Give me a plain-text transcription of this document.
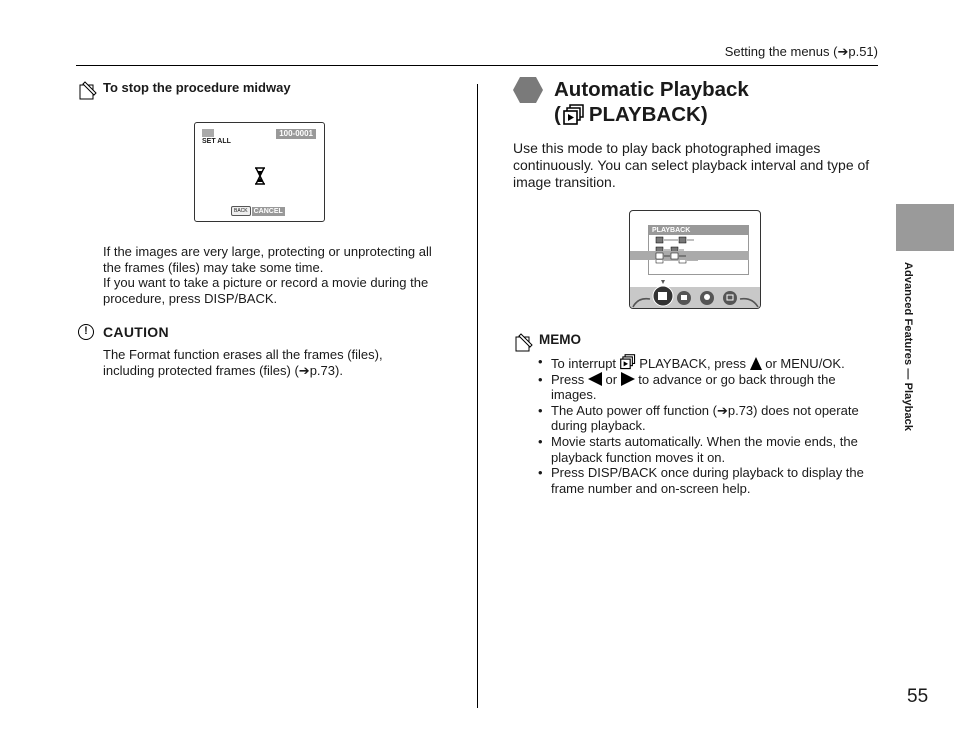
Setting the menus (➔p.51)
To stop the procedure midway
100-0001
SET ALL
BACK CANCEL
If the images are very large, protecting or unprotecting all
the frames (files) may take some time.
If you want to take a picture or record a movie during the
procedure, press DISP/BACK.
!	CAUTION
The Format function erases all the frames (files),
including protected frames (files) (➔p.73).
Automatic Playback
( PLAYBACK)
Use this mode to play back photographed images
continuously. You can select playback interval and type of
image transition.
PLAYBACK
MEMO
• To interrupt PLAYBACK, press or MENU/OK.
• Press or to advance or go back through the
images.
• The Auto power off function (➔p.73) does not operate
during playback.
• Movie starts automatically. When the movie ends, the
playback function moves it on.
• Press DISP/BACK once during playback to display the
frame number and on-screen help.
Advanced Features — Playback
55
